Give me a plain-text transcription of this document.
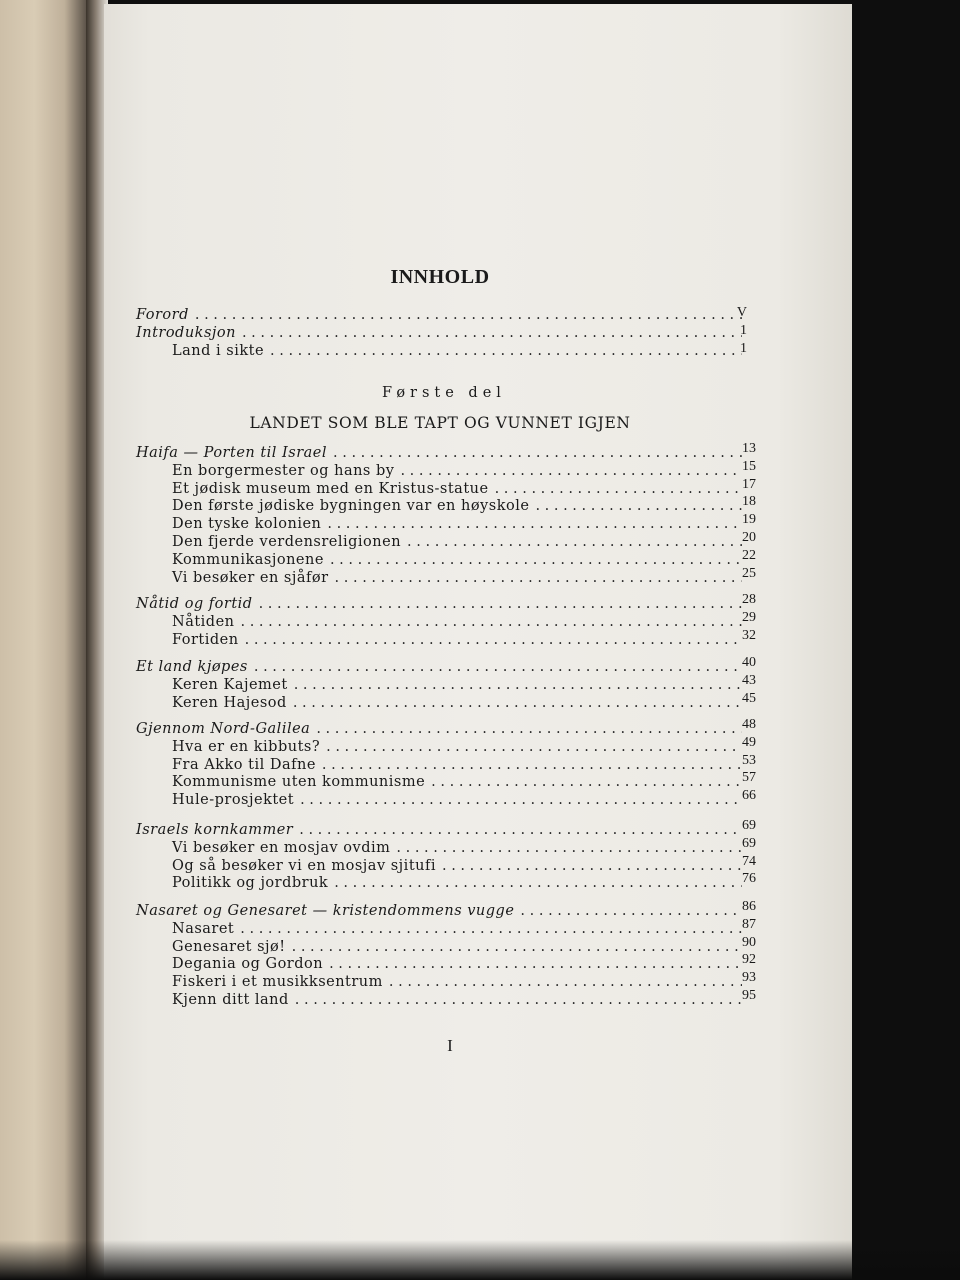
INNHOLD
Første del
LANDET SOM BLE TAPT OG VUNNET IGJEN
Forord . . .	V
Introduksjon . . .	1
Land i sikte . . .	1
Haifa — Porten til Israel . . .	13
En borgermester og hans by . . .	15
Et jødisk museum med en Kristus-statue . . .	17
Den første jødiske bygningen var en høyskole . . .	18
Den tyske kolonien . . .	19
Den fjerde verdensreligionen . . .	20
Kommunikasjonene . . .	22
Vi besøker en sjåfør . . .	25
Nåtid og fortid . . .	28
Nåtiden . . .	29
Fortiden . . .	32
Et land kjøpes . . .	40
Keren Kajemet . . .	43
Keren Hajesod . . .	45
Gjennom Nord-Galilea . . .	48
Hva er en kibbuts? . . .	49
Fra Akko til Dafne . . .	53
Kommunisme uten kommunisme . . .	57
Hule-prosjektet . . .	66
Israels kornkammer . . .	69
Vi besøker en mosjav ovdim . . .	69
Og så besøker vi en mosjav sjitufi . . .	74
Politikk og jordbruk . . .	76
Nasaret og Genesaret — kristendommens vugge . . .	86
Nasaret . . .	87
Genesaret sjø! . . .	90
Degania og Gordon . . .	92
Fiskeri i et musikksentrum . . .	93
Kjenn ditt land . . .	95
I
